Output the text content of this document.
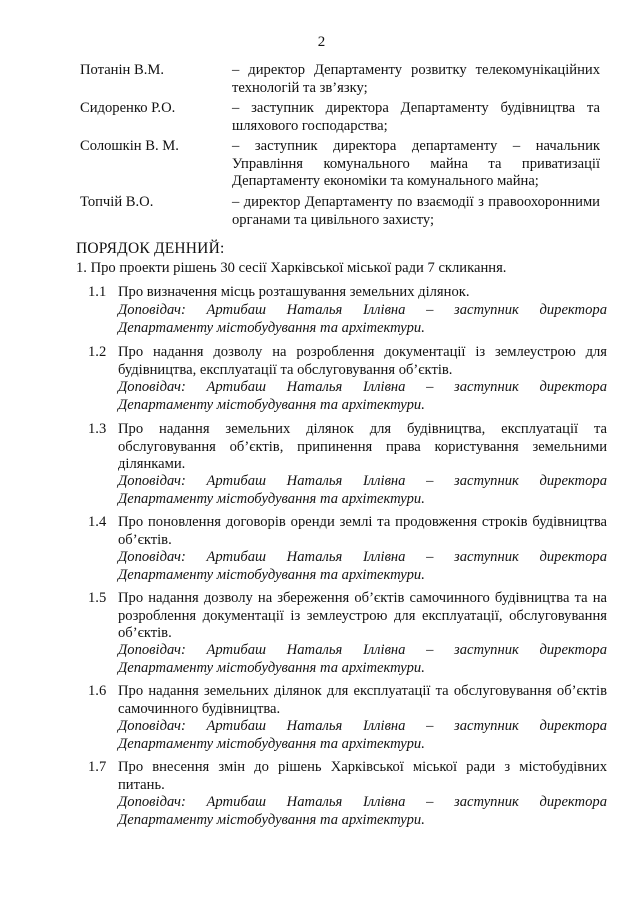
2
Потанін В.М.	– директор Департаменту розвитку телекомунікаційних технологій та зв’язку;
Сидоренко Р.О.	– заступник директора Департаменту будівництва та шляхового господарства;
Солошкін В. М.	– заступник директора департаменту – начальник Управління комунального майна та приватизації Департаменту економіки та комунального майна;
Топчій В.О.	– директор Департаменту по взаємодії з правоохоронними органами та цивільного захисту;
ПОРЯДОК ДЕННИЙ:
1. Про проекти рішень 30 сесії Харківської міської ради 7 скликання.
1.1 Про визначення місць розташування земельних ділянок.
Доповідач: Артибаш Наталья Іллівна – заступник директора
Департаменту містобудування та архітектури.
1.2 Про надання дозволу на розроблення документації із землеустрою для будівництва, експлуатації та обслуговування об’єктів.
Доповідач: Артибаш Наталья Іллівна – заступник директора
Департаменту містобудування та архітектури.
1.3 Про надання земельних ділянок для будівництва, експлуатації та обслуговування об’єктів, припинення права користування земельними ділянками.
Доповідач: Артибаш Наталья Іллівна – заступник директора
Департаменту містобудування та архітектури.
1.4 Про поновлення договорів оренди землі та продовження строків будівництва об’єктів.
Доповідач: Артибаш Наталья Іллівна – заступник директора
Департаменту містобудування та архітектури.
1.5 Про надання дозволу на збереження об’єктів самочинного будівництва та на розроблення документації із землеустрою для експлуатації, обслуговування об’єктів.
Доповідач: Артибаш Наталья Іллівна – заступник директора
Департаменту містобудування та архітектури.
1.6 Про надання земельних ділянок для експлуатації та обслуговування об’єктів самочинного будівництва.
Доповідач: Артибаш Наталья Іллівна – заступник директора
Департаменту містобудування та архітектури.
1.7 Про внесення змін до рішень Харківської міської ради з містобудівних питань.
Доповідач: Артибаш Наталья Іллівна – заступник директора
Департаменту містобудування та архітектури.
